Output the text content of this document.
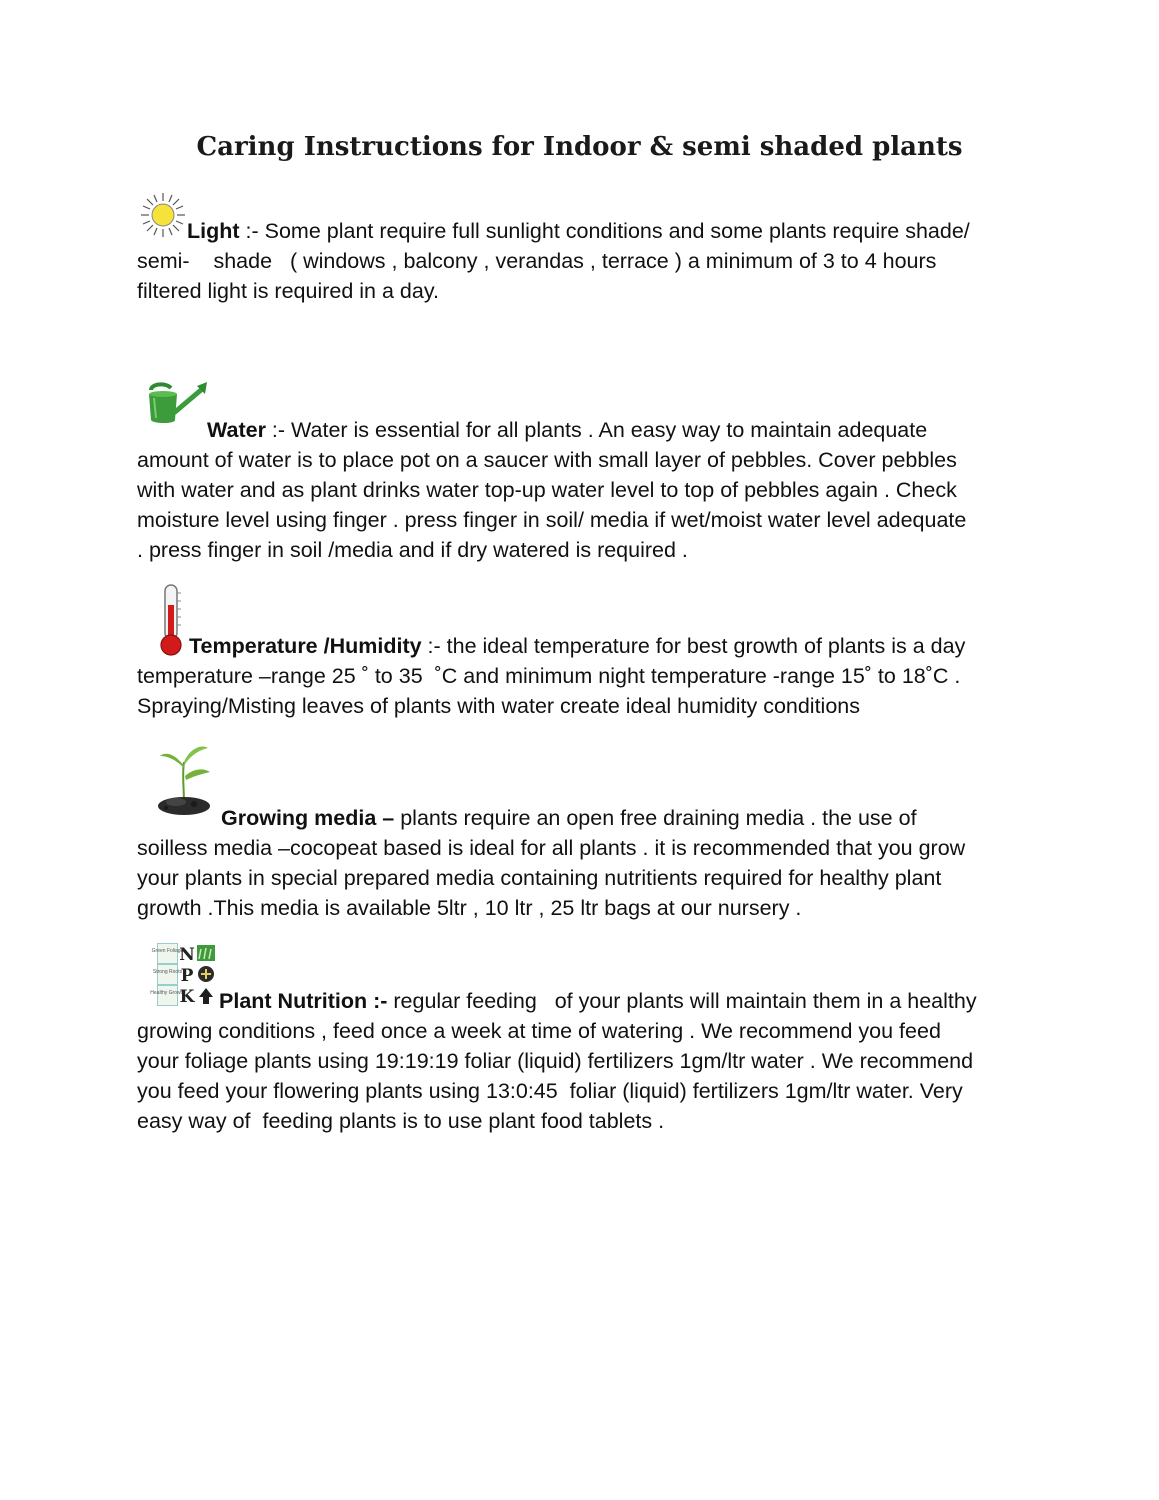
Caring Instructions for Indoor & semi shaded plants

Light :- Some plant require full sunlight conditions and some plants require shade/

semi-    shade   ( windows , balcony , verandas , terrace ) a minimum of 3 to 4 hours

filtered light is required in a day.

Water :- Water is essential for all plants . An easy way to maintain adequate

amount of water is to place pot on a saucer with small layer of pebbles. Cover pebbles

with water and as plant drinks water top-up water level to top of pebbles again . Check

moisture level using finger . press finger in soil/ media if wet/moist water level adequate

. press finger in soil /media and if dry watered is required .

Temperature /Humidity :- the ideal temperature for best growth of plants is a day

temperature –range 25 ˚ to 35  ˚C and minimum night temperature -range 15˚ to 18˚C .

Spraying/Misting leaves of plants with water create ideal humidity conditions

Growing media – plants require an open free draining media . the use of

soilless media –cocopeat based is ideal for all plants . it is recommended that you grow

your plants in special prepared media containing nutritients required for healthy plant

growth .This media is available 5ltr , 10 ltr , 25 ltr bags at our nursery .

Green Foliage
Strong Roots
Healthy Growth
N
P
K	Plant Nutrition :- regular feeding   of your plants will maintain them in a healthy

growing conditions , feed once a week at time of watering . We recommend you feed

your foliage plants using 19:19:19 foliar (liquid) fertilizers 1gm/ltr water . We recommend

you feed your flowering plants using 13:0:45  foliar (liquid) fertilizers 1gm/ltr water. Very

easy way of  feeding plants is to use plant food tablets .
